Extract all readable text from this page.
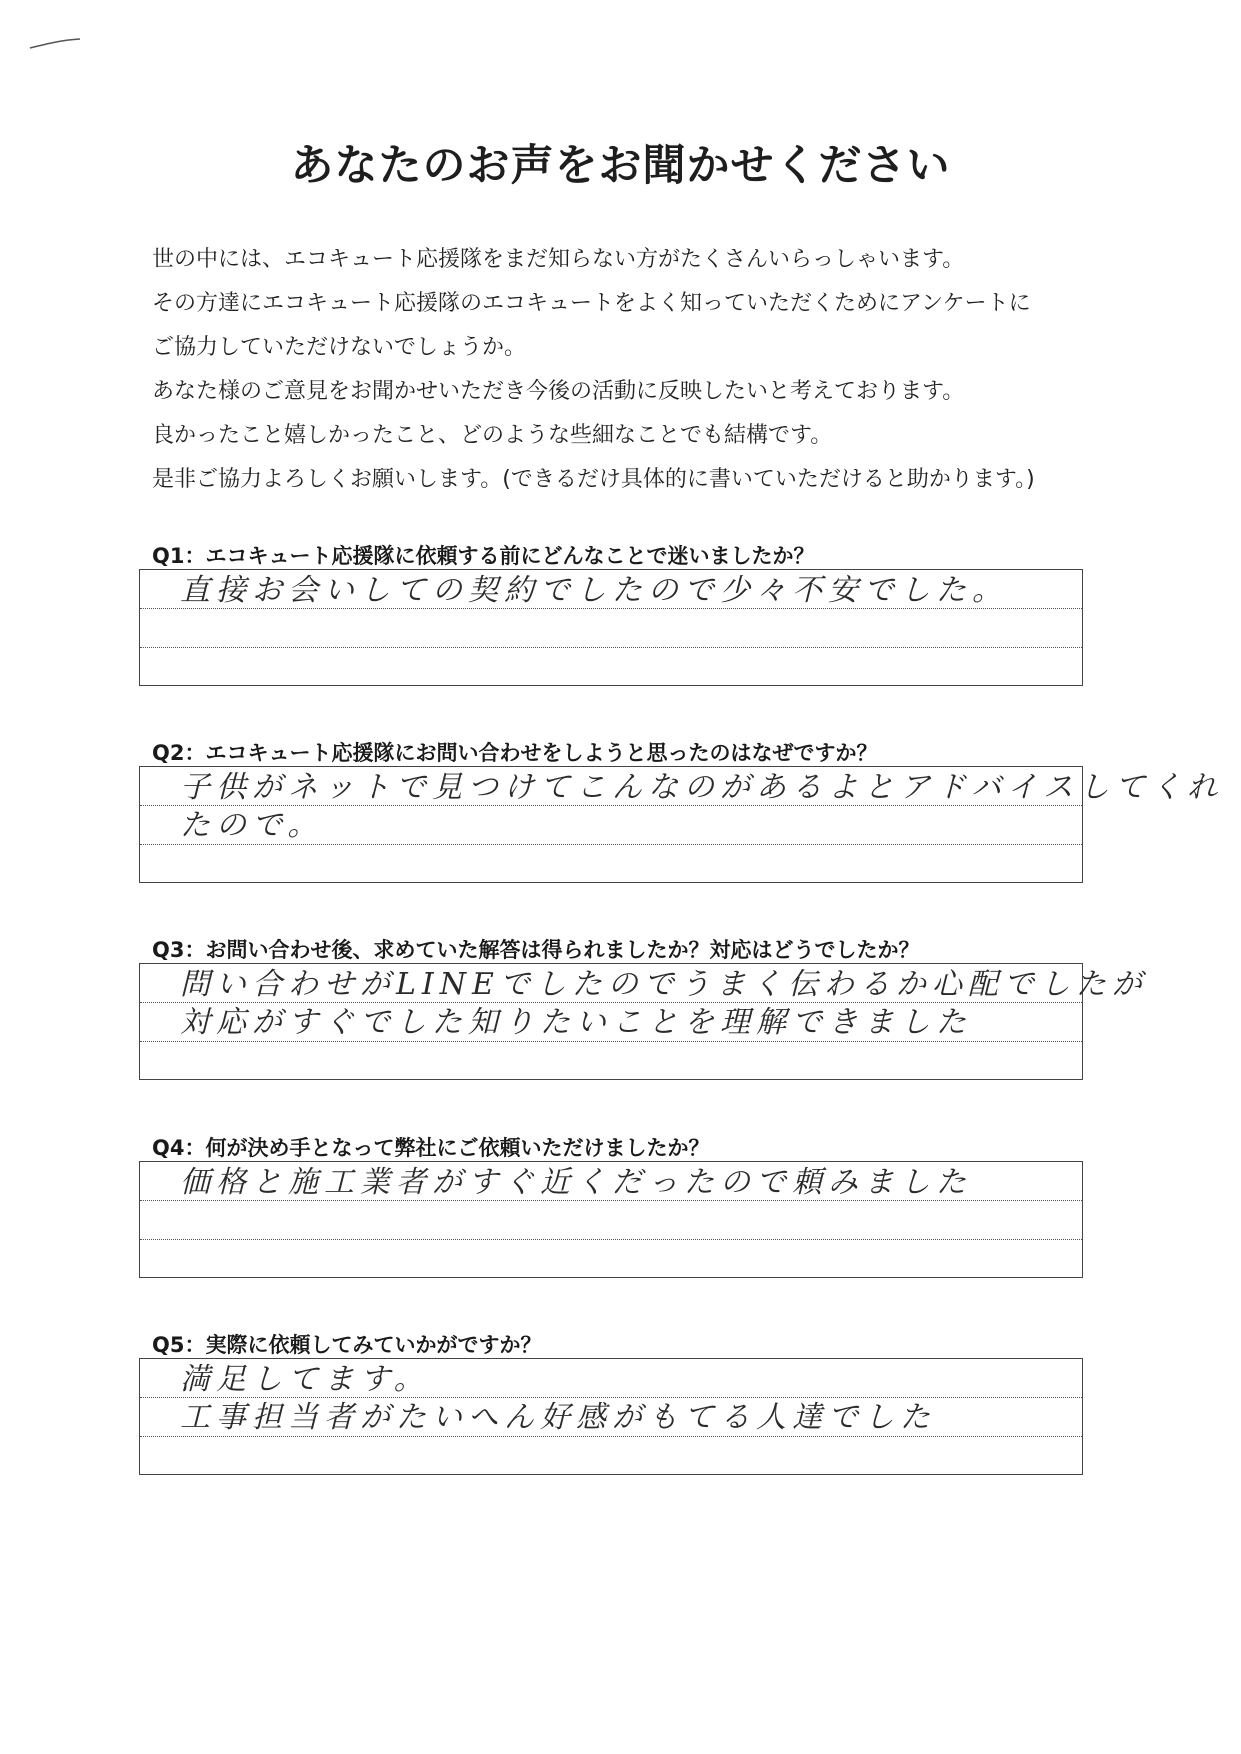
あなたのお声をお聞かせください
世の中には、エコキュート応援隊をまだ知らない方がたくさんいらっしゃいます。
その方達にエコキュート応援隊のエコキュートをよく知っていただくためにアンケートに
ご協力していただけないでしょうか。
あなた様のご意見をお聞かせいただき今後の活動に反映したいと考えております。
良かったこと嬉しかったこと、どのような些細なことでも結構です。
是非ご協力よろしくお願いします。(できるだけ具体的に書いていただけると助かります。)
Q1：エコキュート応援隊に依頼する前にどんなことで迷いましたか？
直接お会いしての契約でしたので少々不安でした。
Q2：エコキュート応援隊にお問い合わせをしようと思ったのはなぜですか？
子供がネットで見つけてこんなのがあるよとアドバイスしてくれ
たので。
Q3：お問い合わせ後、求めていた解答は得られましたか？対応はどうでしたか？
問い合わせがLINEでしたのでうまく伝わるか心配でしたが
対応がすぐでした知りたいことを理解できました
Q4：何が決め手となって弊社にご依頼いただけましたか？
価格と施工業者がすぐ近くだったので頼みました
Q5：実際に依頼してみていかがですか？
満足してます。
工事担当者がたいへん好感がもてる人達でした
